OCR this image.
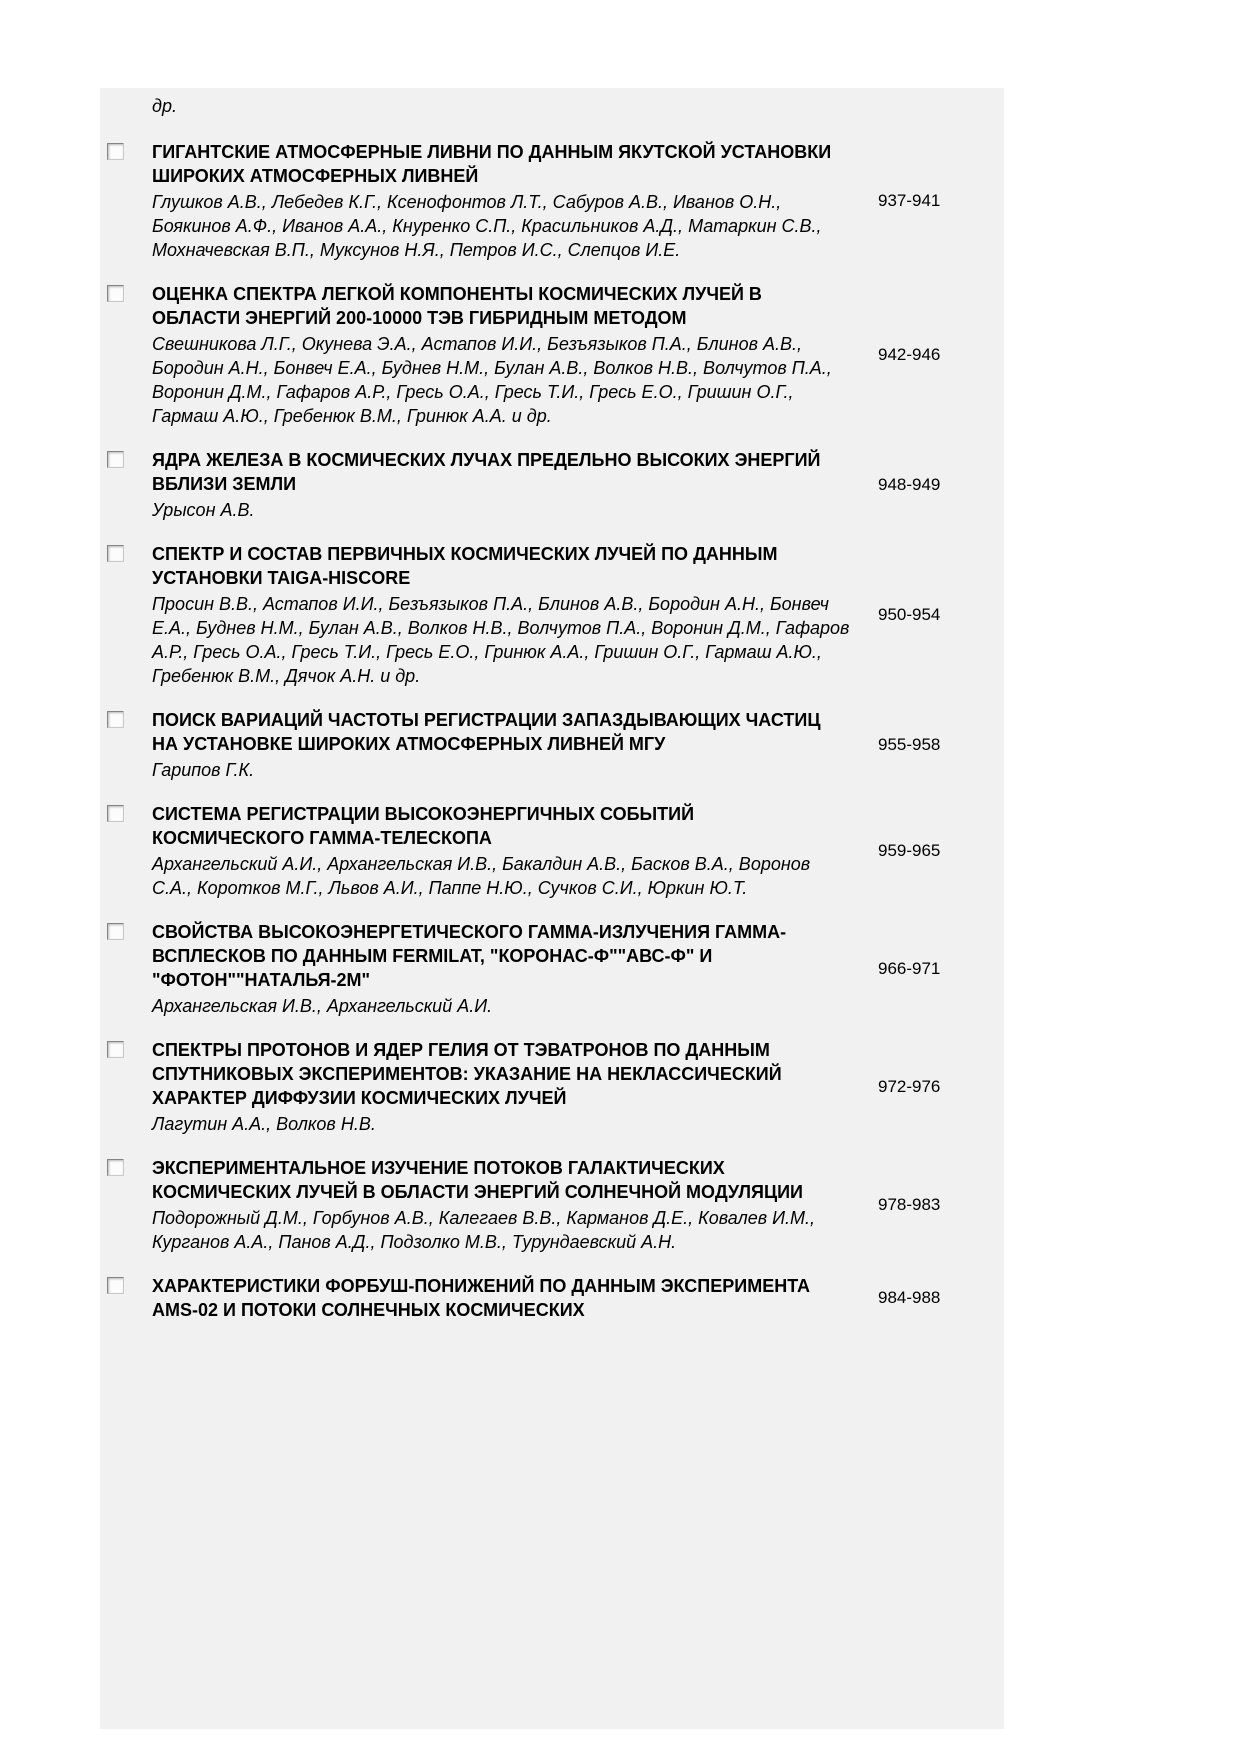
др.
ГИГАНТСКИЕ АТМОСФЕРНЫЕ ЛИВНИ ПО ДАННЫМ ЯКУТСКОЙ УСТАНОВКИ ШИРОКИХ АТМОСФЕРНЫХ ЛИВНЕЙ
Глушков А.В., Лебедев К.Г., Ксенофонтов Л.Т., Сабуров А.В., Иванов О.Н., Боякинов А.Ф., Иванов А.А., Кнуренко С.П., Красильников А.Д., Матаркин С.В., Мохначевская В.П., Муксунов Н.Я., Петров И.С., Слепцов И.Е.
937-941
ОЦЕНКА СПЕКТРА ЛЕГКОЙ КОМПОНЕНТЫ КОСМИЧЕСКИХ ЛУЧЕЙ В ОБЛАСТИ ЭНЕРГИЙ 200-10000 ТЭВ ГИБРИДНЫМ МЕТОДОМ
Свешникова Л.Г., Окунева Э.А., Астапов И.И., Безъязыков П.А., Блинов А.В., Бородин А.Н., Бонвеч Е.А., Буднев Н.М., Булан А.В., Волков Н.В., Волчутов П.А., Воронин Д.М., Гафаров А.Р., Гресь О.А., Гресь Т.И., Гресь Е.О., Гришин О.Г., Гармаш А.Ю., Гребенюк В.М., Гринюк А.А. и др.
942-946
ЯДРА ЖЕЛЕЗА В КОСМИЧЕСКИХ ЛУЧАХ ПРЕДЕЛЬНО ВЫСОКИХ ЭНЕРГИЙ ВБЛИЗИ ЗЕМЛИ
Урысон А.В.
948-949
СПЕКТР И СОСТАВ ПЕРВИЧНЫХ КОСМИЧЕСКИХ ЛУЧЕЙ ПО ДАННЫМ УСТАНОВКИ TAIGA-HISCORE
Просин В.В., Астапов И.И., Безъязыков П.А., Блинов А.В., Бородин А.Н., Бонвеч Е.А., Буднев Н.М., Булан А.В., Волков Н.В., Волчутов П.А., Воронин Д.М., Гафаров А.Р., Гресь О.А., Гресь Т.И., Гресь Е.О., Гринюк А.А., Гришин О.Г., Гармаш А.Ю., Гребенюк В.М., Дячок А.Н. и др.
950-954
ПОИСК ВАРИАЦИЙ ЧАСТОТЫ РЕГИСТРАЦИИ ЗАПАЗДЫВАЮЩИХ ЧАСТИЦ НА УСТАНОВКЕ ШИРОКИХ АТМОСФЕРНЫХ ЛИВНЕЙ МГУ
Гарипов Г.К.
955-958
СИСТЕМА РЕГИСТРАЦИИ ВЫСОКОЭНЕРГИЧНЫХ СОБЫТИЙ КОСМИЧЕСКОГО ГАММА-ТЕЛЕСКОПА
Архангельский А.И., Архангельская И.В., Бакалдин А.В., Басков В.А., Воронов С.А., Коротков М.Г., Львов А.И., Паппе Н.Ю., Сучков С.И., Юркин Ю.Т.
959-965
СВОЙСТВА ВЫСОКОЭНЕРГЕТИЧЕСКОГО ГАММА-ИЗЛУЧЕНИЯ ГАММА-ВСПЛЕСКОВ ПО ДАННЫМ FERMILAT, "КОРОНАС-Ф""АВС-Ф" И "ФОТОН""НАТАЛЬЯ-2М"
Архангельская И.В., Архангельский А.И.
966-971
СПЕКТРЫ ПРОТОНОВ И ЯДЕР ГЕЛИЯ ОТ ТЭВАТРОНОВ ПО ДАННЫМ СПУТНИКОВЫХ ЭКСПЕРИМЕНТОВ: УКАЗАНИЕ НА НЕКЛАССИЧЕСКИЙ ХАРАКТЕР ДИФФУЗИИ КОСМИЧЕСКИХ ЛУЧЕЙ
Лагутин А.А., Волков Н.В.
972-976
ЭКСПЕРИМЕНТАЛЬНОЕ ИЗУЧЕНИЕ ПОТОКОВ ГАЛАКТИЧЕСКИХ КОСМИЧЕСКИХ ЛУЧЕЙ В ОБЛАСТИ ЭНЕРГИЙ СОЛНЕЧНОЙ МОДУЛЯЦИИ
Подорожный Д.М., Горбунов А.В., Калегаев В.В., Карманов Д.Е., Ковалев И.М., Курганов А.А., Панов А.Д., Подзолко М.В., Турундаевский А.Н.
978-983
ХАРАКТЕРИСТИКИ ФОРБУШ-ПОНИЖЕНИЙ ПО ДАННЫМ ЭКСПЕРИМЕНТА AMS-02 И ПОТОКИ СОЛНЕЧНЫХ КОСМИЧЕСКИХ
984-988
